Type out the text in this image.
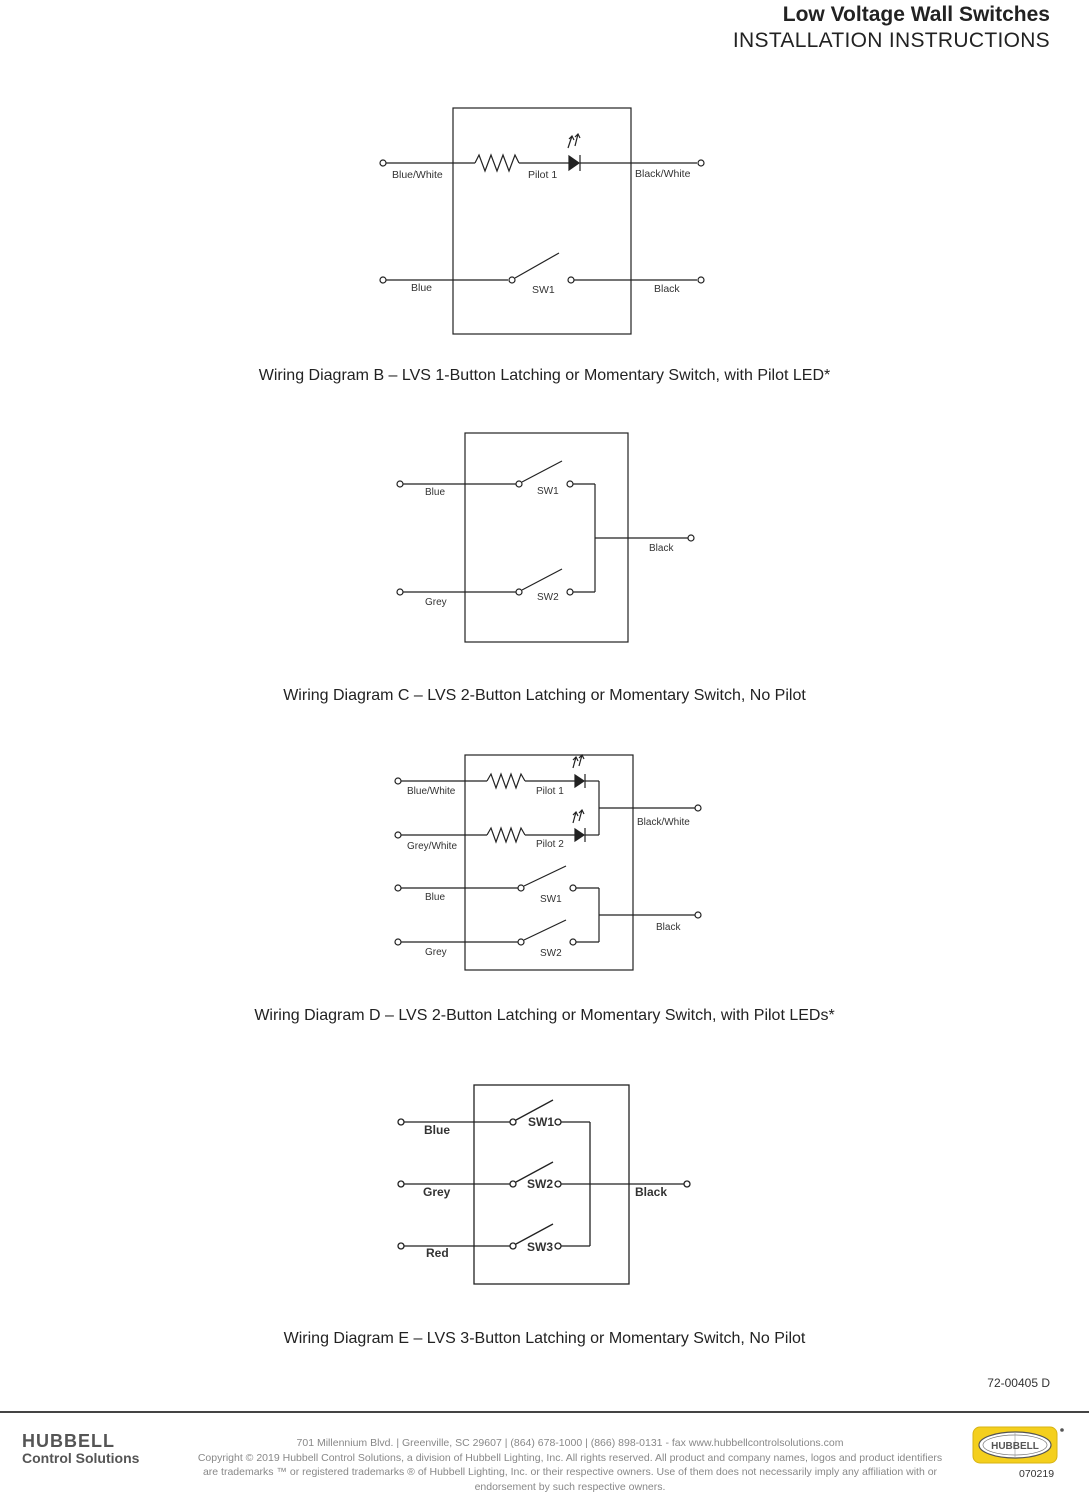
Low Voltage Wall Switches
INSTALLATION INSTRUCTIONS
Blue/White	Pilot 1	Black/White
Blue	SW1	Black
Wiring Diagram B – LVS 1-Button Latching or Momentary Switch, with Pilot LED*
Blue	SW1
Black
Grey	SW2
Wiring Diagram C – LVS 2-Button Latching or Momentary Switch, No Pilot
Blue/White	Pilot 1
Black/White
Grey/White	Pilot 2
Blue	SW1
Black
Grey	SW2
Wiring Diagram D – LVS 2-Button Latching or Momentary Switch, with Pilot LEDs*
Blue
SW1
Grey
SW2
Black
Red	SW3
Wiring Diagram E – LVS 3-Button Latching or Momentary Switch, No Pilot
72-00405 D
HUBBELL
Control Solutions
701 Millennium Blvd. | Greenville, SC 29607 | (864) 678-1000 | (866) 898-0131 - fax www.hubbellcontrolsolutions.com
Copyright © 2019 Hubbell Control Solutions, a division of Hubbell Lighting, Inc. All rights reserved. All product and company names, logos and product identifiers are trademarks ™ or registered trademarks ® of Hubbell Lighting, Inc. or their respective owners. Use of them does not necessarily imply any affiliation with or endorsement by such respective owners.
HUBBELL
070219
